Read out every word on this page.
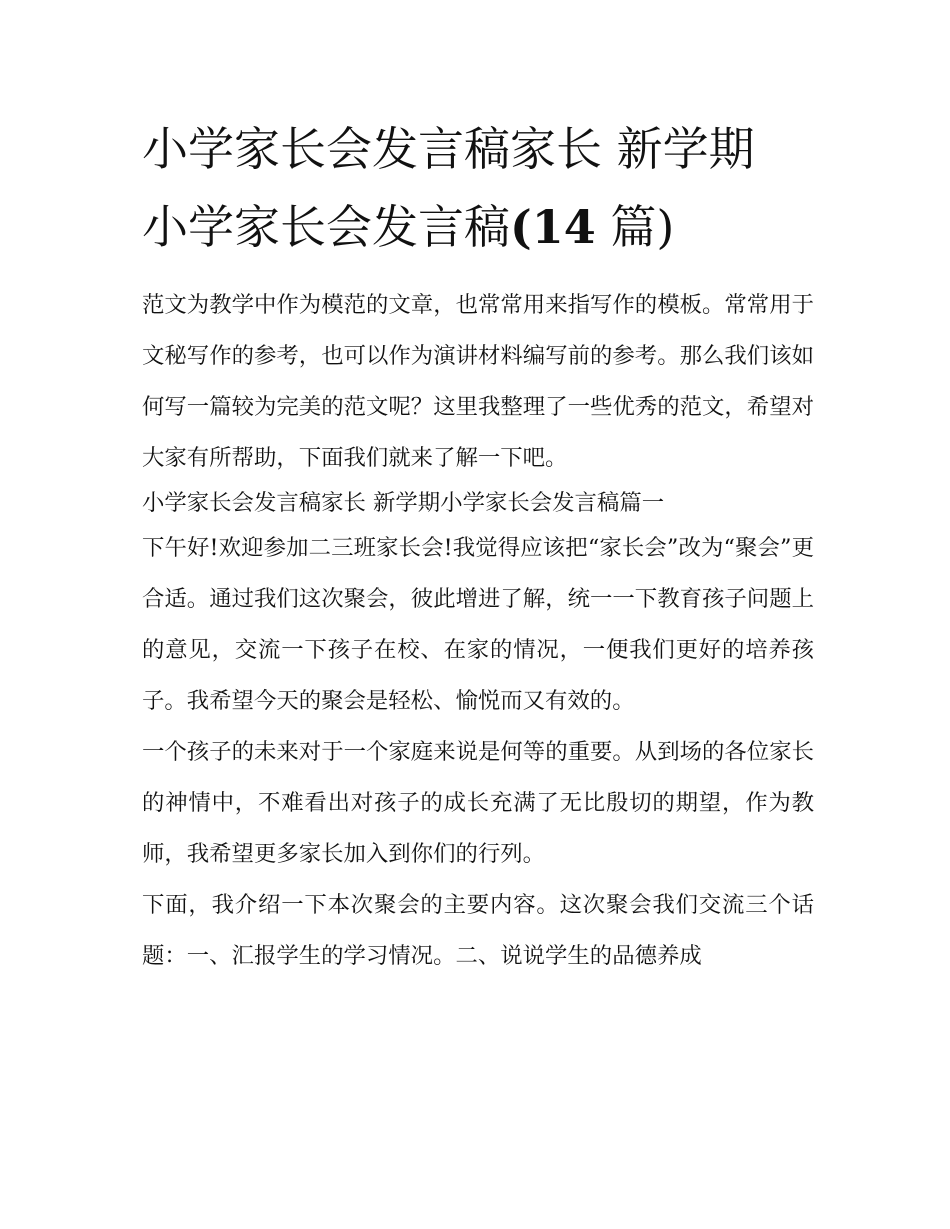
小学家长会发言稿家长 新学期
小学家长会发言稿(14 篇)

范文为教学中作为模范的文章，也常常用来指写作的模板。常常用于文秘写作的参考，也可以作为演讲材料编写前的参考。那么我们该如何写一篇较为完美的范文呢？这里我整理了一些优秀的范文，希望对大家有所帮助，下面我们就来了解一下吧。

小学家长会发言稿家长 新学期小学家长会发言稿篇一

下午好!欢迎参加二三班家长会!我觉得应该把“家长会”改为“聚会”更合适。通过我们这次聚会，彼此增进了解，统一一下教育孩子问题上的意见，交流一下孩子在校、在家的情况，一便我们更好的培养孩子。我希望今天的聚会是轻松、愉悦而又有效的。

一个孩子的未来对于一个家庭来说是何等的重要。从到场的各位家长的神情中，不难看出对孩子的成长充满了无比殷切的期望，作为教师，我希望更多家长加入到你们的行列。

下面，我介绍一下本次聚会的主要内容。这次聚会我们交流三个话题：一、汇报学生的学习情况。二、说说学生的品德养成
